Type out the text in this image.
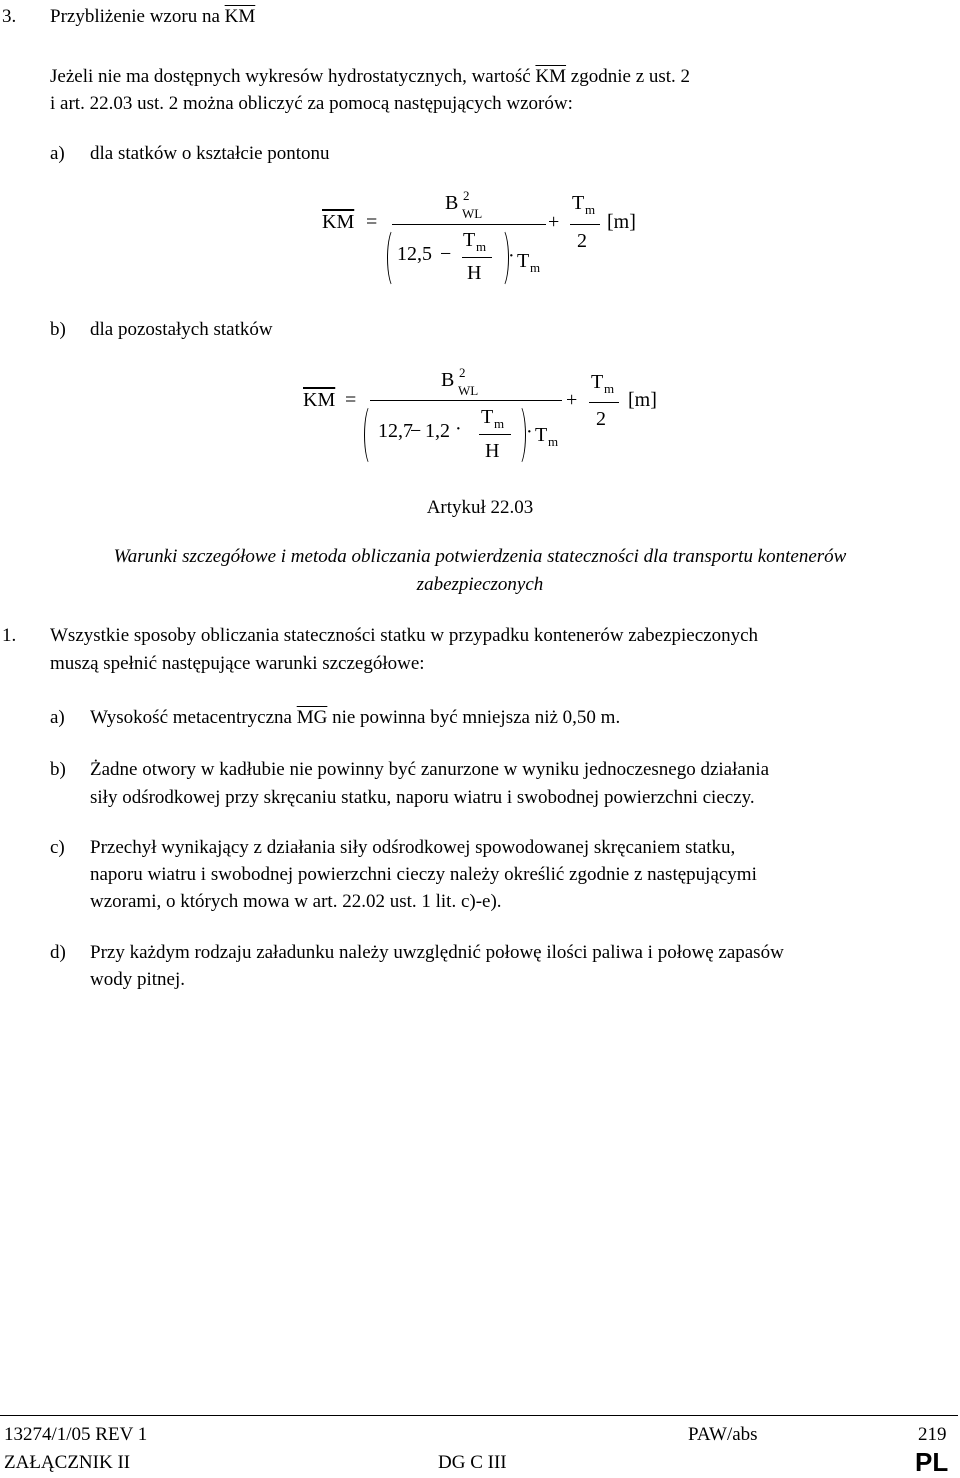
3. Przybliżenie wzoru na $\overline{KM}$
Jeżeli nie ma dostępnych wykresów hydrostatycznych, wartość $\overline{KM}$ zgodnie z ust. 2
i art. 22.03 ust. 2 można obliczyć za pomocą następujących wzorów:
a) dla statków o kształcie pontonu
$\overline{KM}$ =
B 2
WL
12,5 −
T m
H
· T m
+
T m
2
[m]
b) dla pozostałych statków
$\overline{KM}$ =
B 2
WL
12,7
− 1,2 ·
T m
H
· T m
+
T m
2
[m]
Artykuł 22.03
Warunki szczegółowe i metoda obliczania potwierdzenia stateczności dla transportu kontenerów
zabezpieczonych
1. Wszystkie sposoby obliczania stateczności statku w przypadku kontenerów zabezpieczonych
muszą spełnić następujące warunki szczegółowe:
a) Wysokość metacentryczna $\overline{MG}$ nie powinna być mniejsza niż 0,50 m.
b) Żadne otwory w kadłubie nie powinny być zanurzone w wyniku jednoczesnego działania
siły odśrodkowej przy skręcaniu statku, naporu wiatru i swobodnej powierzchni cieczy.
c) Przechył wynikający z działania siły odśrodkowej spowodowanej skręcaniem statku,
naporu wiatru i swobodnej powierzchni cieczy należy określić zgodnie z następującymi
wzorami, o których mowa w art. 22.02 ust. 1 lit. c)-e).
d) Przy każdym rodzaju załadunku należy uwzględnić połowę ilości paliwa i połowę zapasów
wody pitnej.
13274/1/05 REV 1	PAW/abs	219
ZAŁĄCZNIK II	DG C III	PL
